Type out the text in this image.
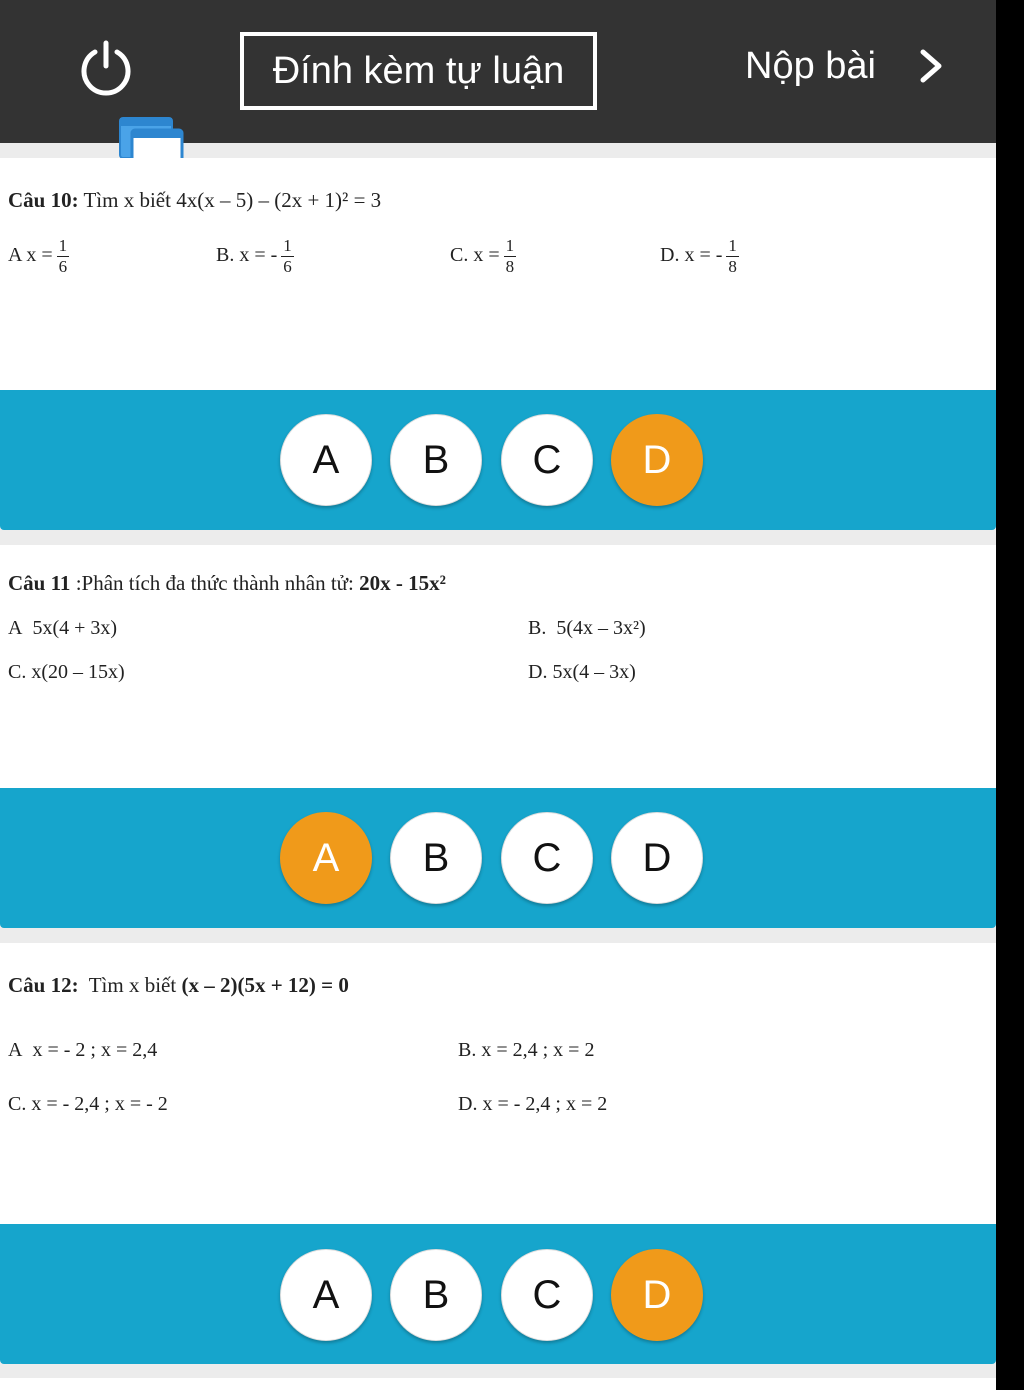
Đính kèm tự luận	Nộp bài
Câu 10: Tìm x biết 4x(x – 5) – (2x + 1)² = 3
A $x = \frac{1}{6}$	B. x = - $\frac{1}{6}$	C. $x = \frac{1}{8}$	D. x = - $\frac{1}{8}$
A	B	C	D
Câu 11 :Phân tích đa thức thành nhân tử: 20x - 15x²
A 5x(4 + 3x)	B. 5(4x – 3x²)
C. x(20 – 15x)	D. 5x(4 – 3x)
A	B	C	D
Câu 12: Tìm x biết (x – 2)(5x + 12) = 0
A x = - 2 ; x = 2,4	B. x = 2,4 ; x = 2
C. x = - 2,4 ; x = - 2	D. x = - 2,4 ; x = 2
A	B	C	D
